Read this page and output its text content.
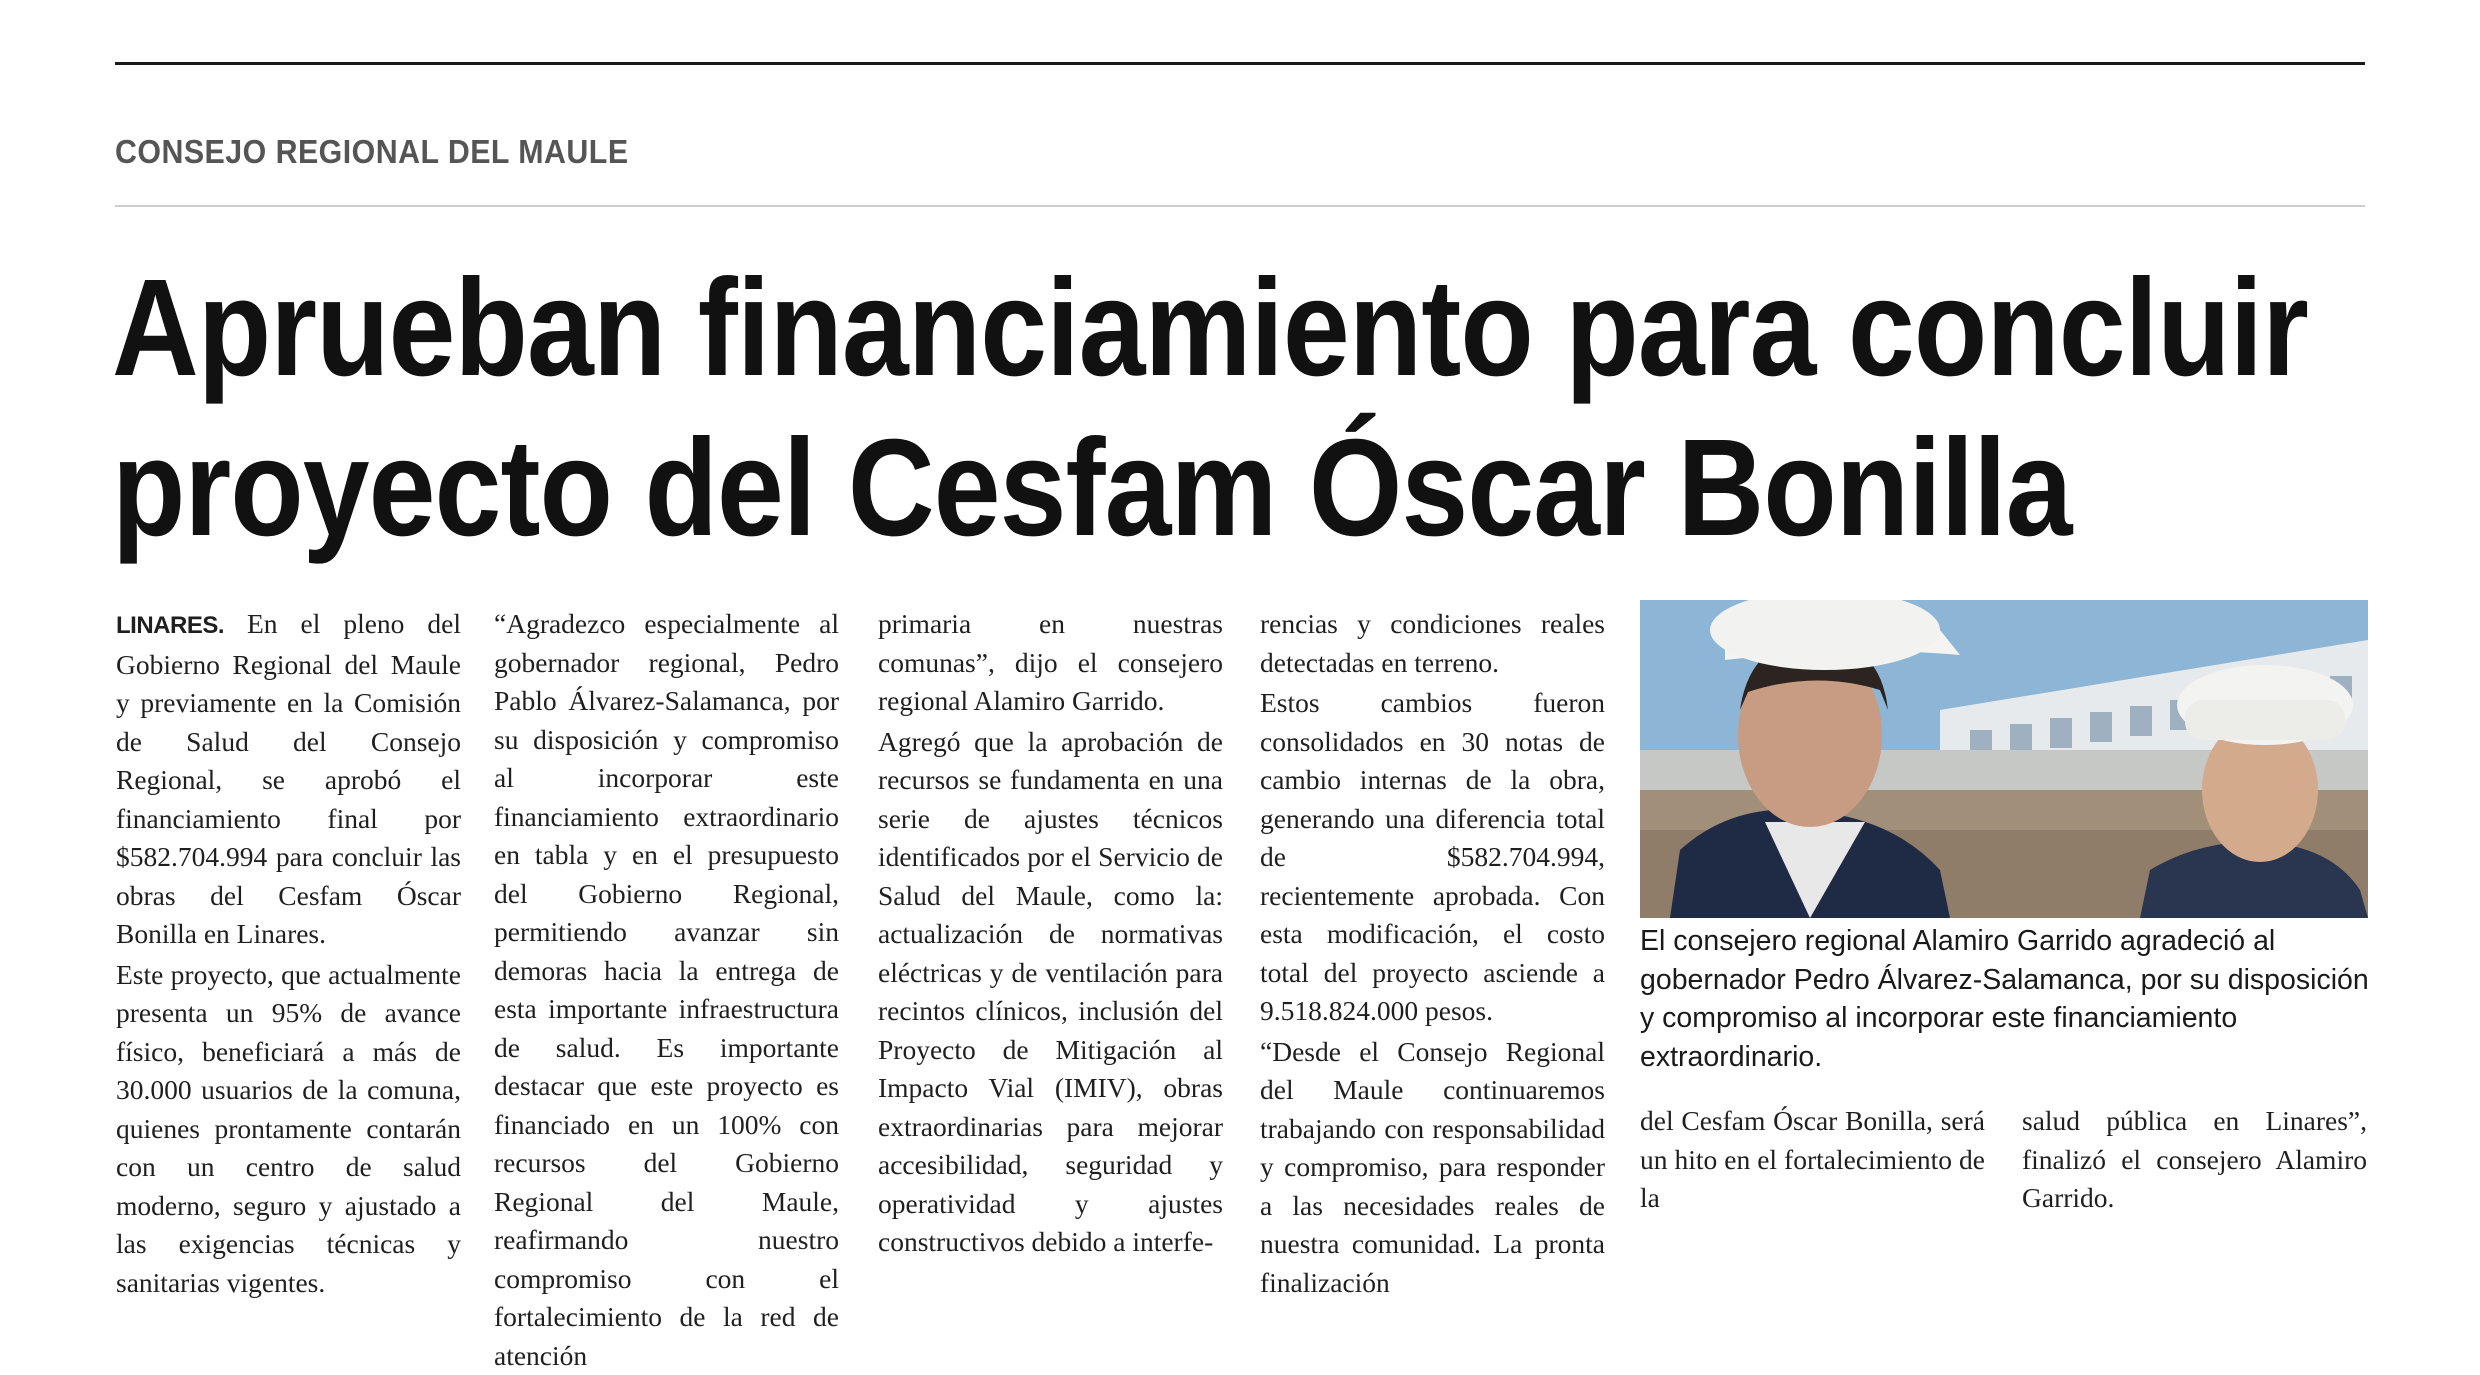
CONSEJO REGIONAL DEL MAULE
Aprueban financiamiento para concluir
proyecto del Cesfam Óscar Bonilla

LINARES. En el pleno del Gobierno Regional del Maule y previamente en la Comisión de Salud del Consejo Regional, se aprobó el financiamiento final por $582.704.994 para concluir las obras del Cesfam Óscar Bonilla en Linares.

Este proyecto, que actualmente presenta un 95% de avance físico, beneficiará a más de 30.000 usuarios de la comuna, quienes prontamente contarán con un centro de salud moderno, seguro y ajustado a las exigencias técnicas y sanitarias vigentes.

“Agradezco especialmente al gobernador regional, Pedro Pablo Álvarez-Salamanca, por su disposición y compromiso al incorporar este financiamiento extraordinario en tabla y en el presupuesto del Gobierno Regional, permitiendo avanzar sin demoras hacia la entrega de esta importante infraestructura de salud. Es importante destacar que este proyecto es financiado en un 100% con recursos del Gobierno Regional del Maule, reafirmando nuestro compromiso con el fortalecimiento de la red de atención

primaria en nuestras comunas”, dijo el consejero regional Alamiro Garrido.

Agregó que la aprobación de recursos se fundamenta en una serie de ajustes técnicos identificados por el Servicio de Salud del Maule, como la: actualización de normativas eléctricas y de ventilación para recintos clínicos, inclusión del Proyecto de Mitigación al Impacto Vial (IMIV), obras extraordinarias para mejorar accesibilidad, seguridad y operatividad y ajustes constructivos debido a interfe-

rencias y condiciones reales detectadas en terreno.

Estos cambios fueron consolidados en 30 notas de cambio internas de la obra, generando una diferencia total de $582.704.994, recientemente aprobada. Con esta modificación, el costo total del proyecto asciende a 9.518.824.000 pesos.

“Desde el Consejo Regional del Maule continuaremos trabajando con responsabilidad y compromiso, para responder a las necesidades reales de nuestra comunidad. La pronta finalización

El consejero regional Alamiro Garrido agradeció al gobernador Pedro Álvarez-Salamanca, por su disposición y compromiso al incorporar este financiamiento extraordinario.

del Cesfam Óscar Bonilla, será un hito en el fortalecimiento de la

salud pública en Linares”, finalizó el consejero Alamiro Garrido.
